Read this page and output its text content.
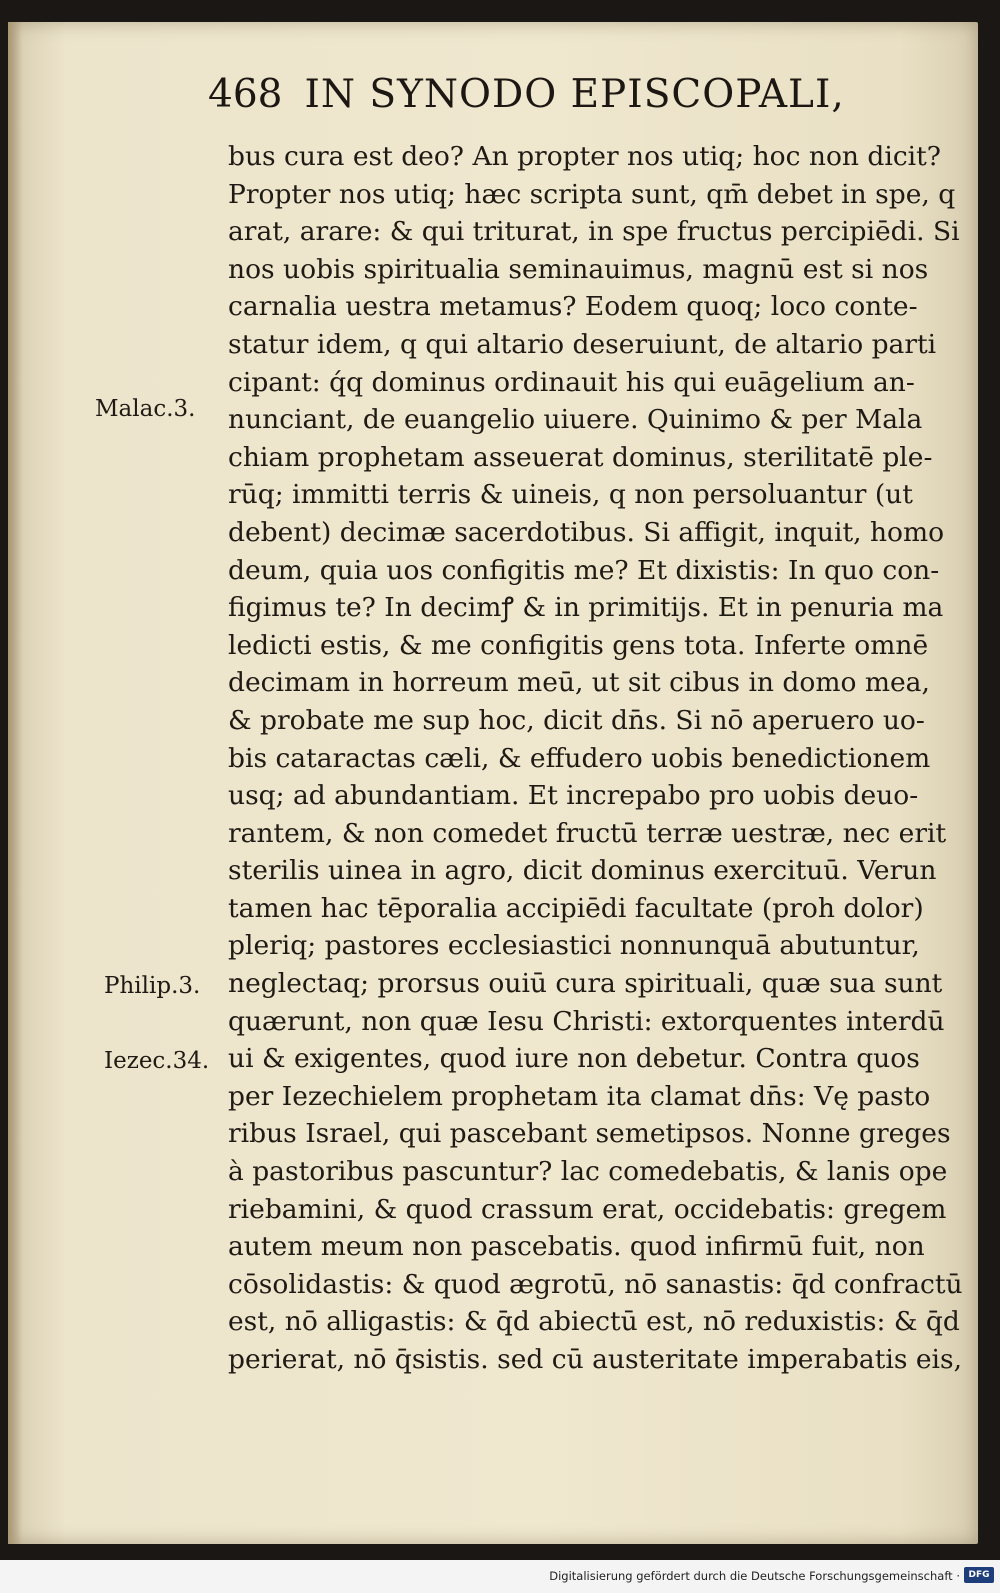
468 IN SYNODO EPISCOPALI,
Malac.3.
Philip.3.
Iezec.34.
bus cura est deo? An propter nos utiq; hoc non dicit?
Propter nos utiq; hæc scripta sunt, qm̄ debet in spe, q
arat, arare: & qui triturat, in spe fructus percipiēdi. Si
nos uobis spiritualia seminauimus, magnū est si nos
carnalia uestra metamus? Eodem quoq; loco conte-
statur idem, q qui altario deseruiunt, de altario parti
cipant: q́q dominus ordinauit his qui euāgelium an-
nunciant, de euangelio uiuere. Quinimo & per Mala
chiam prophetam asseuerat dominus, sterilitatē ple-
rūq; immitti terris & uineis, q non persoluantur (ut
debent) decimæ sacerdotibus. Si affigit, inquit, homo
deum, quia uos configitis me? Et dixistis: In quo con-
figimus te? In decimꝭ & in primitijs. Et in penuria ma
ledicti estis, & me configitis gens tota. Inferte omnē
decimam in horreum meū, ut sit cibus in domo mea,
& probate me sup hoc, dicit dn̄s. Si nō aperuero uo-
bis cataractas cæli, & effudero uobis benedictionem
usq; ad abundantiam. Et increpabo pro uobis deuo-
rantem, & non comedet fructū terræ uestræ, nec erit
sterilis uinea in agro, dicit dominus exercituū. Verun
tamen hac tēporalia accipiēdi facultate (proh dolor)
pleriq; pastores ecclesiastici nonnunquā abutuntur,
neglectaq; prorsus ouiū cura spirituali, quæ sua sunt
quærunt, non quæ Iesu Christi: extorquentes interdū
ui & exigentes, quod iure non debetur. Contra quos
per Iezechielem prophetam ita clamat dn̄s: Vę pasto
ribus Israel, qui pascebant semetipsos. Nonne greges
à pastoribus pascuntur? lac comedebatis, & lanis ope
riebamini, & quod crassum erat, occidebatis: gregem
autem meum non pascebatis. quod infirmū fuit, non
cōsolidastis: & quod ægrotū, nō sanastis: q̄d confractū
est, nō alligastis: & q̄d abiectū est, nō reduxistis: & q̄d
perierat, nō q̄sistis. sed cū austeritate imperabatis eis,
Digitalisierung gefördert durch die Deutsche Forschungsgemeinschaft · DFG
